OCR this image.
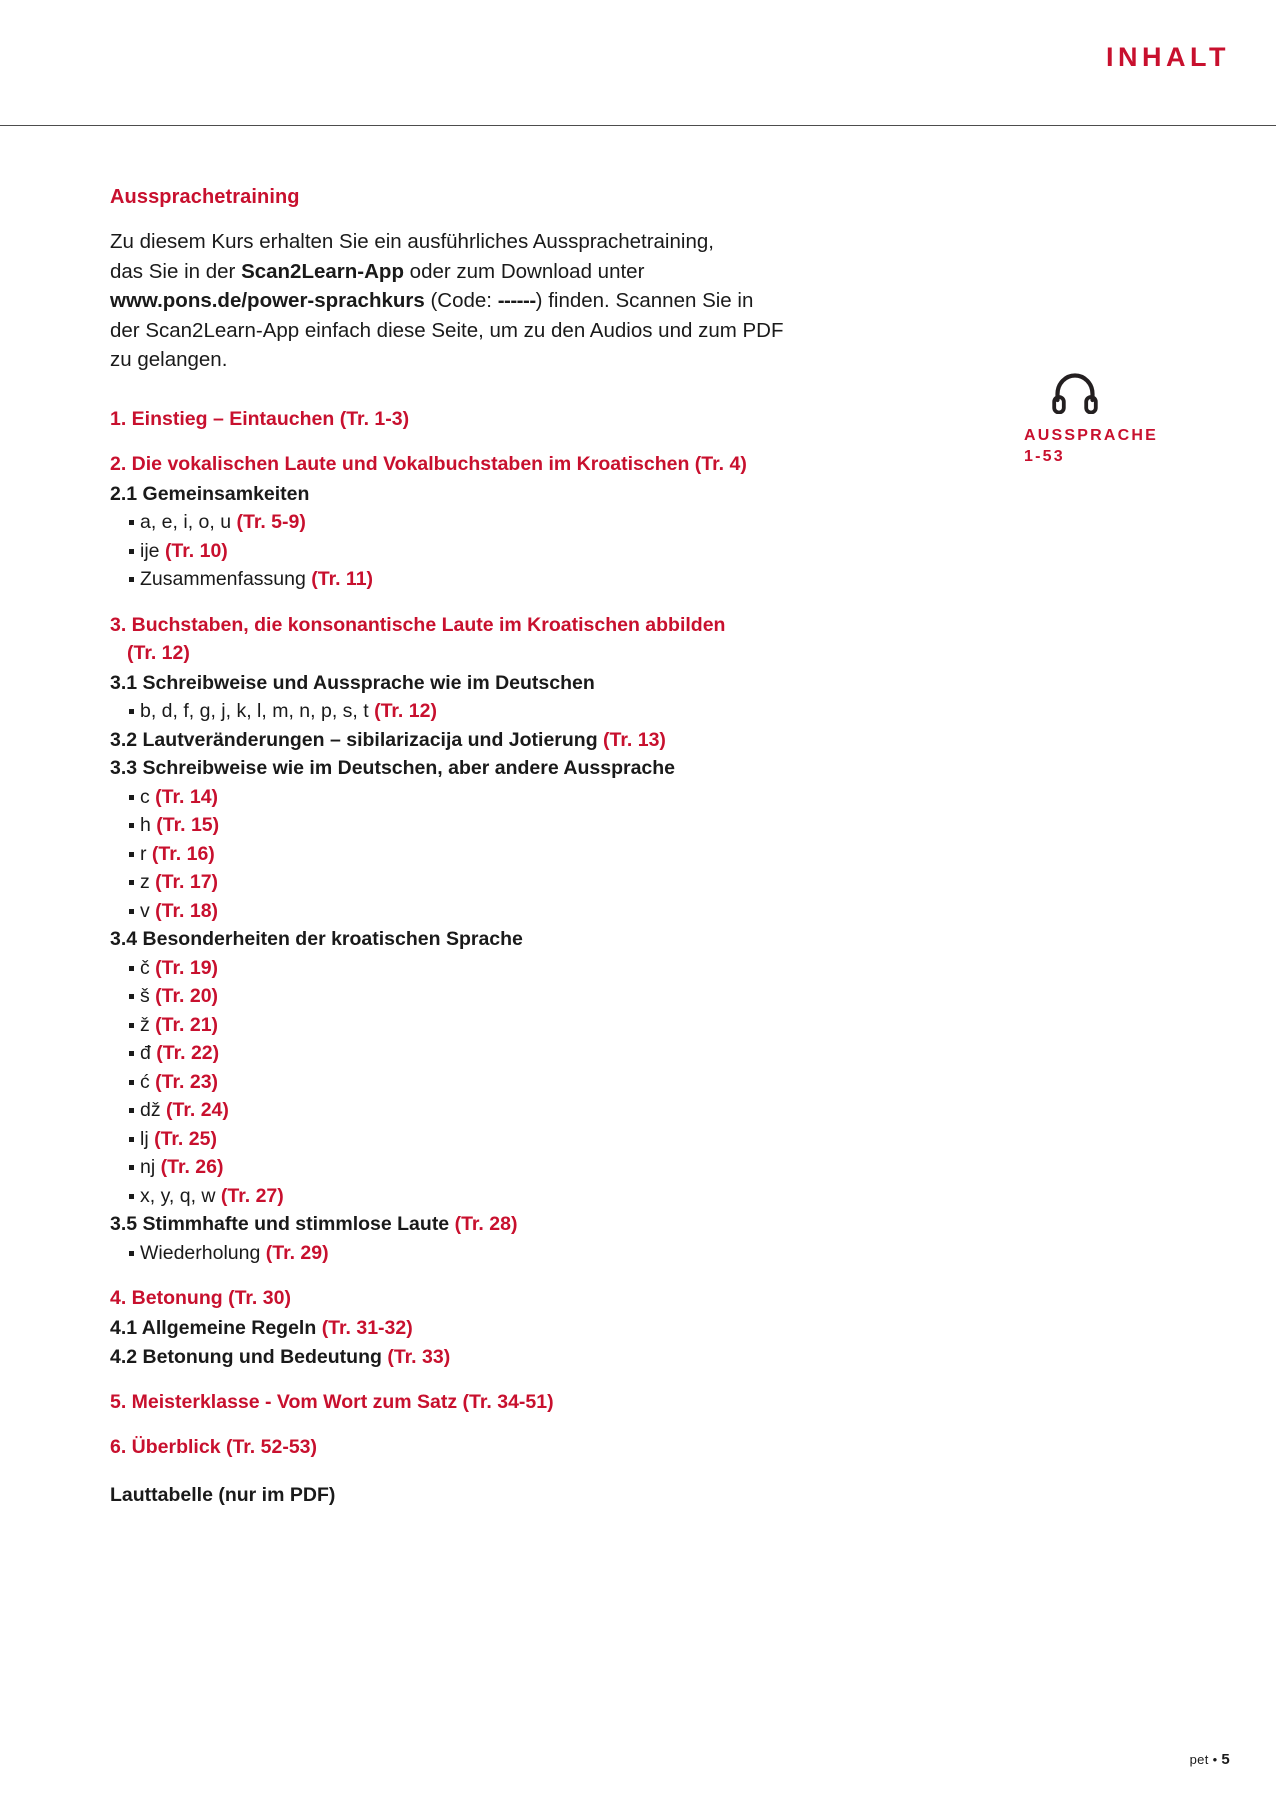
INHALT
AUSSPRACHE
1-53
Aussprachetraining

Zu diesem Kurs erhalten Sie ein ausführliches Aussprachetraining,
das Sie in der Scan2Learn-App oder zum Download unter
www.pons.de/power-sprachkurs (Code: ------) finden. Scannen Sie in
der Scan2Learn-App einfach diese Seite, um zu den Audios und zum PDF
zu gelangen.

1. Einstieg – Eintauchen (Tr. 1-3)
2. Die vokalischen Laute und Vokalbuchstaben im Kroatischen (Tr. 4)
2.1 Gemeinsamkeiten
a, e, i, o, u (Tr. 5-9)
ije (Tr. 10)
Zusammenfassung (Tr. 11)
3. Buchstaben, die konsonantische Laute im Kroatischen abbilden
(Tr. 12)
3.1 Schreibweise und Aussprache wie im Deutschen
b, d, f, g, j, k, l, m, n, p, s, t (Tr. 12)
3.2 Lautveränderungen – sibilarizacija und Jotierung (Tr. 13)
3.3 Schreibweise wie im Deutschen, aber andere Aussprache
c (Tr. 14)
h (Tr. 15)
r (Tr. 16)
z (Tr. 17)
v (Tr. 18)
3.4 Besonderheiten der kroatischen Sprache
č (Tr. 19)
š (Tr. 20)
ž (Tr. 21)
đ (Tr. 22)
ć (Tr. 23)
dž (Tr. 24)
lj (Tr. 25)
nj (Tr. 26)
x, y, q, w (Tr. 27)
3.5 Stimmhafte und stimmlose Laute (Tr. 28)
Wiederholung (Tr. 29)
4. Betonung (Tr. 30)
4.1 Allgemeine Regeln (Tr. 31-32)
4.2 Betonung und Bedeutung (Tr. 33)
5. Meisterklasse - Vom Wort zum Satz (Tr. 34-51)
6. Überblick (Tr. 52-53)
Lauttabelle (nur im PDF)
pet • 5
